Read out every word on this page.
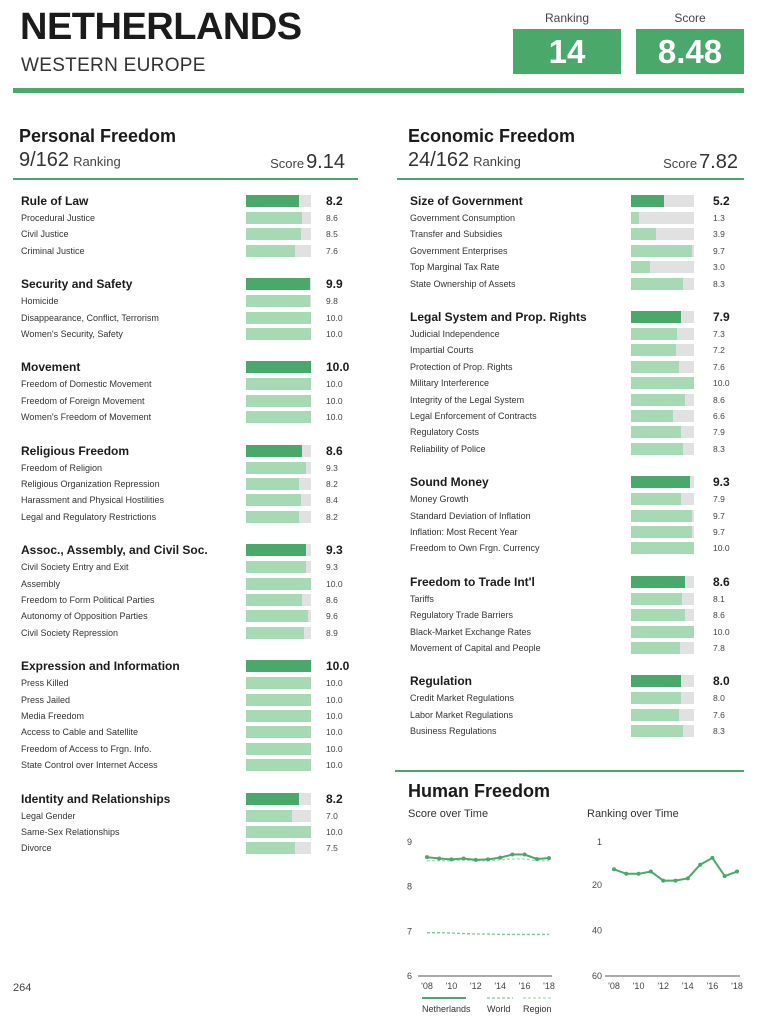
NETHERLANDS
WESTERN EUROPE
Ranking
14
Score
8.48
Personal Freedom
9/162 Ranking	Score 9.14
Rule of Law	8.2
Procedural Justice	8.6
Civil Justice	8.5
Criminal Justice	7.6
Security and Safety	9.9
Homicide	9.8
Disappearance, Conflict, Terrorism	10.0
Women's Security, Safety	10.0
Movement	10.0
Freedom of Domestic Movement	10.0
Freedom of Foreign Movement	10.0
Women's Freedom of Movement	10.0
Religious Freedom	8.6
Freedom of Religion	9.3
Religious Organization Repression	8.2
Harassment and Physical Hostilities	8.4
Legal and Regulatory Restrictions	8.2
Assoc., Assembly, and Civil Soc.	9.3
Civil Society Entry and Exit	9.3
Assembly	10.0
Freedom to Form Political Parties	8.6
Autonomy of Opposition Parties	9.6
Civil Society Repression	8.9
Expression and Information	10.0
Press Killed	10.0
Press Jailed	10.0
Media Freedom	10.0
Access to Cable and Satellite	10.0
Freedom of Access to Frgn. Info.	10.0
State Control over Internet Access	10.0
Identity and Relationships	8.2
Legal Gender	7.0
Same-Sex Relationships	10.0
Divorce	7.5
Economic Freedom
24/162 Ranking	Score 7.82
Size of Government	5.2
Government Consumption	1.3
Transfer and Subsidies	3.9
Government Enterprises	9.7
Top Marginal Tax Rate	3.0
State Ownership of Assets	8.3
Legal System and Prop. Rights	7.9
Judicial Independence	7.3
Impartial Courts	7.2
Protection of Prop. Rights	7.6
Military Interference	10.0
Integrity of the Legal System	8.6
Legal Enforcement of Contracts	6.6
Regulatory Costs	7.9
Reliability of Police	8.3
Sound Money	9.3
Money Growth	7.9
Standard Deviation of Inflation	9.7
Inflation: Most Recent Year	9.7
Freedom to Own Frgn. Currency	10.0
Freedom to Trade Int'l	8.6
Tariffs	8.1
Regulatory Trade Barriers	8.6
Black-Market Exchange Rates	10.0
Movement of Capital and People	7.8
Regulation	8.0
Credit Market Regulations	8.0
Labor Market Regulations	7.6
Business Regulations	8.3
Human Freedom
Score over Time	Ranking over Time
6
7
8
9
'08 '10 '12 '14 '16 '18
1
20
40
60
'08 '10 '12 '14 '16 '18
Netherlands World Region
264
